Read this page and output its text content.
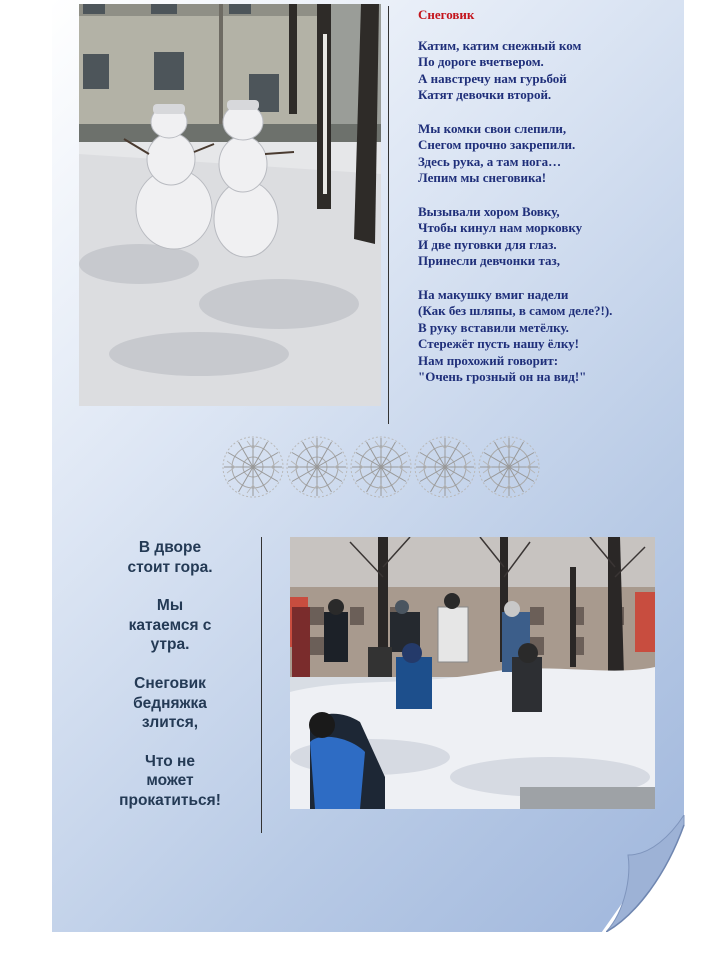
Снеговик
Катим, катим снежный ком
По дороге вчетвером.
А навстречу нам гурьбой
Катят девочки второй.
Мы комки свои слепили,
Снегом прочно закрепили.
Здесь рука, а там нога…
Лепим мы снеговика!
Вызывали хором Вовку,
Чтобы кинул нам морковку
И две пуговки для глаз.
Принесли девчонки таз,
На макушку вмиг надели
(Как без шляпы, в самом деле?!).
В руку вставили метёлку.
Стережёт пусть нашу ёлку!
Нам прохожий говорит:
"Очень грозный он на вид!"
В дворе
стоит гора.
Мы
катаемся с
утра.
Снеговик
бедняжка
злится,
Что не
может
прокатиться!
